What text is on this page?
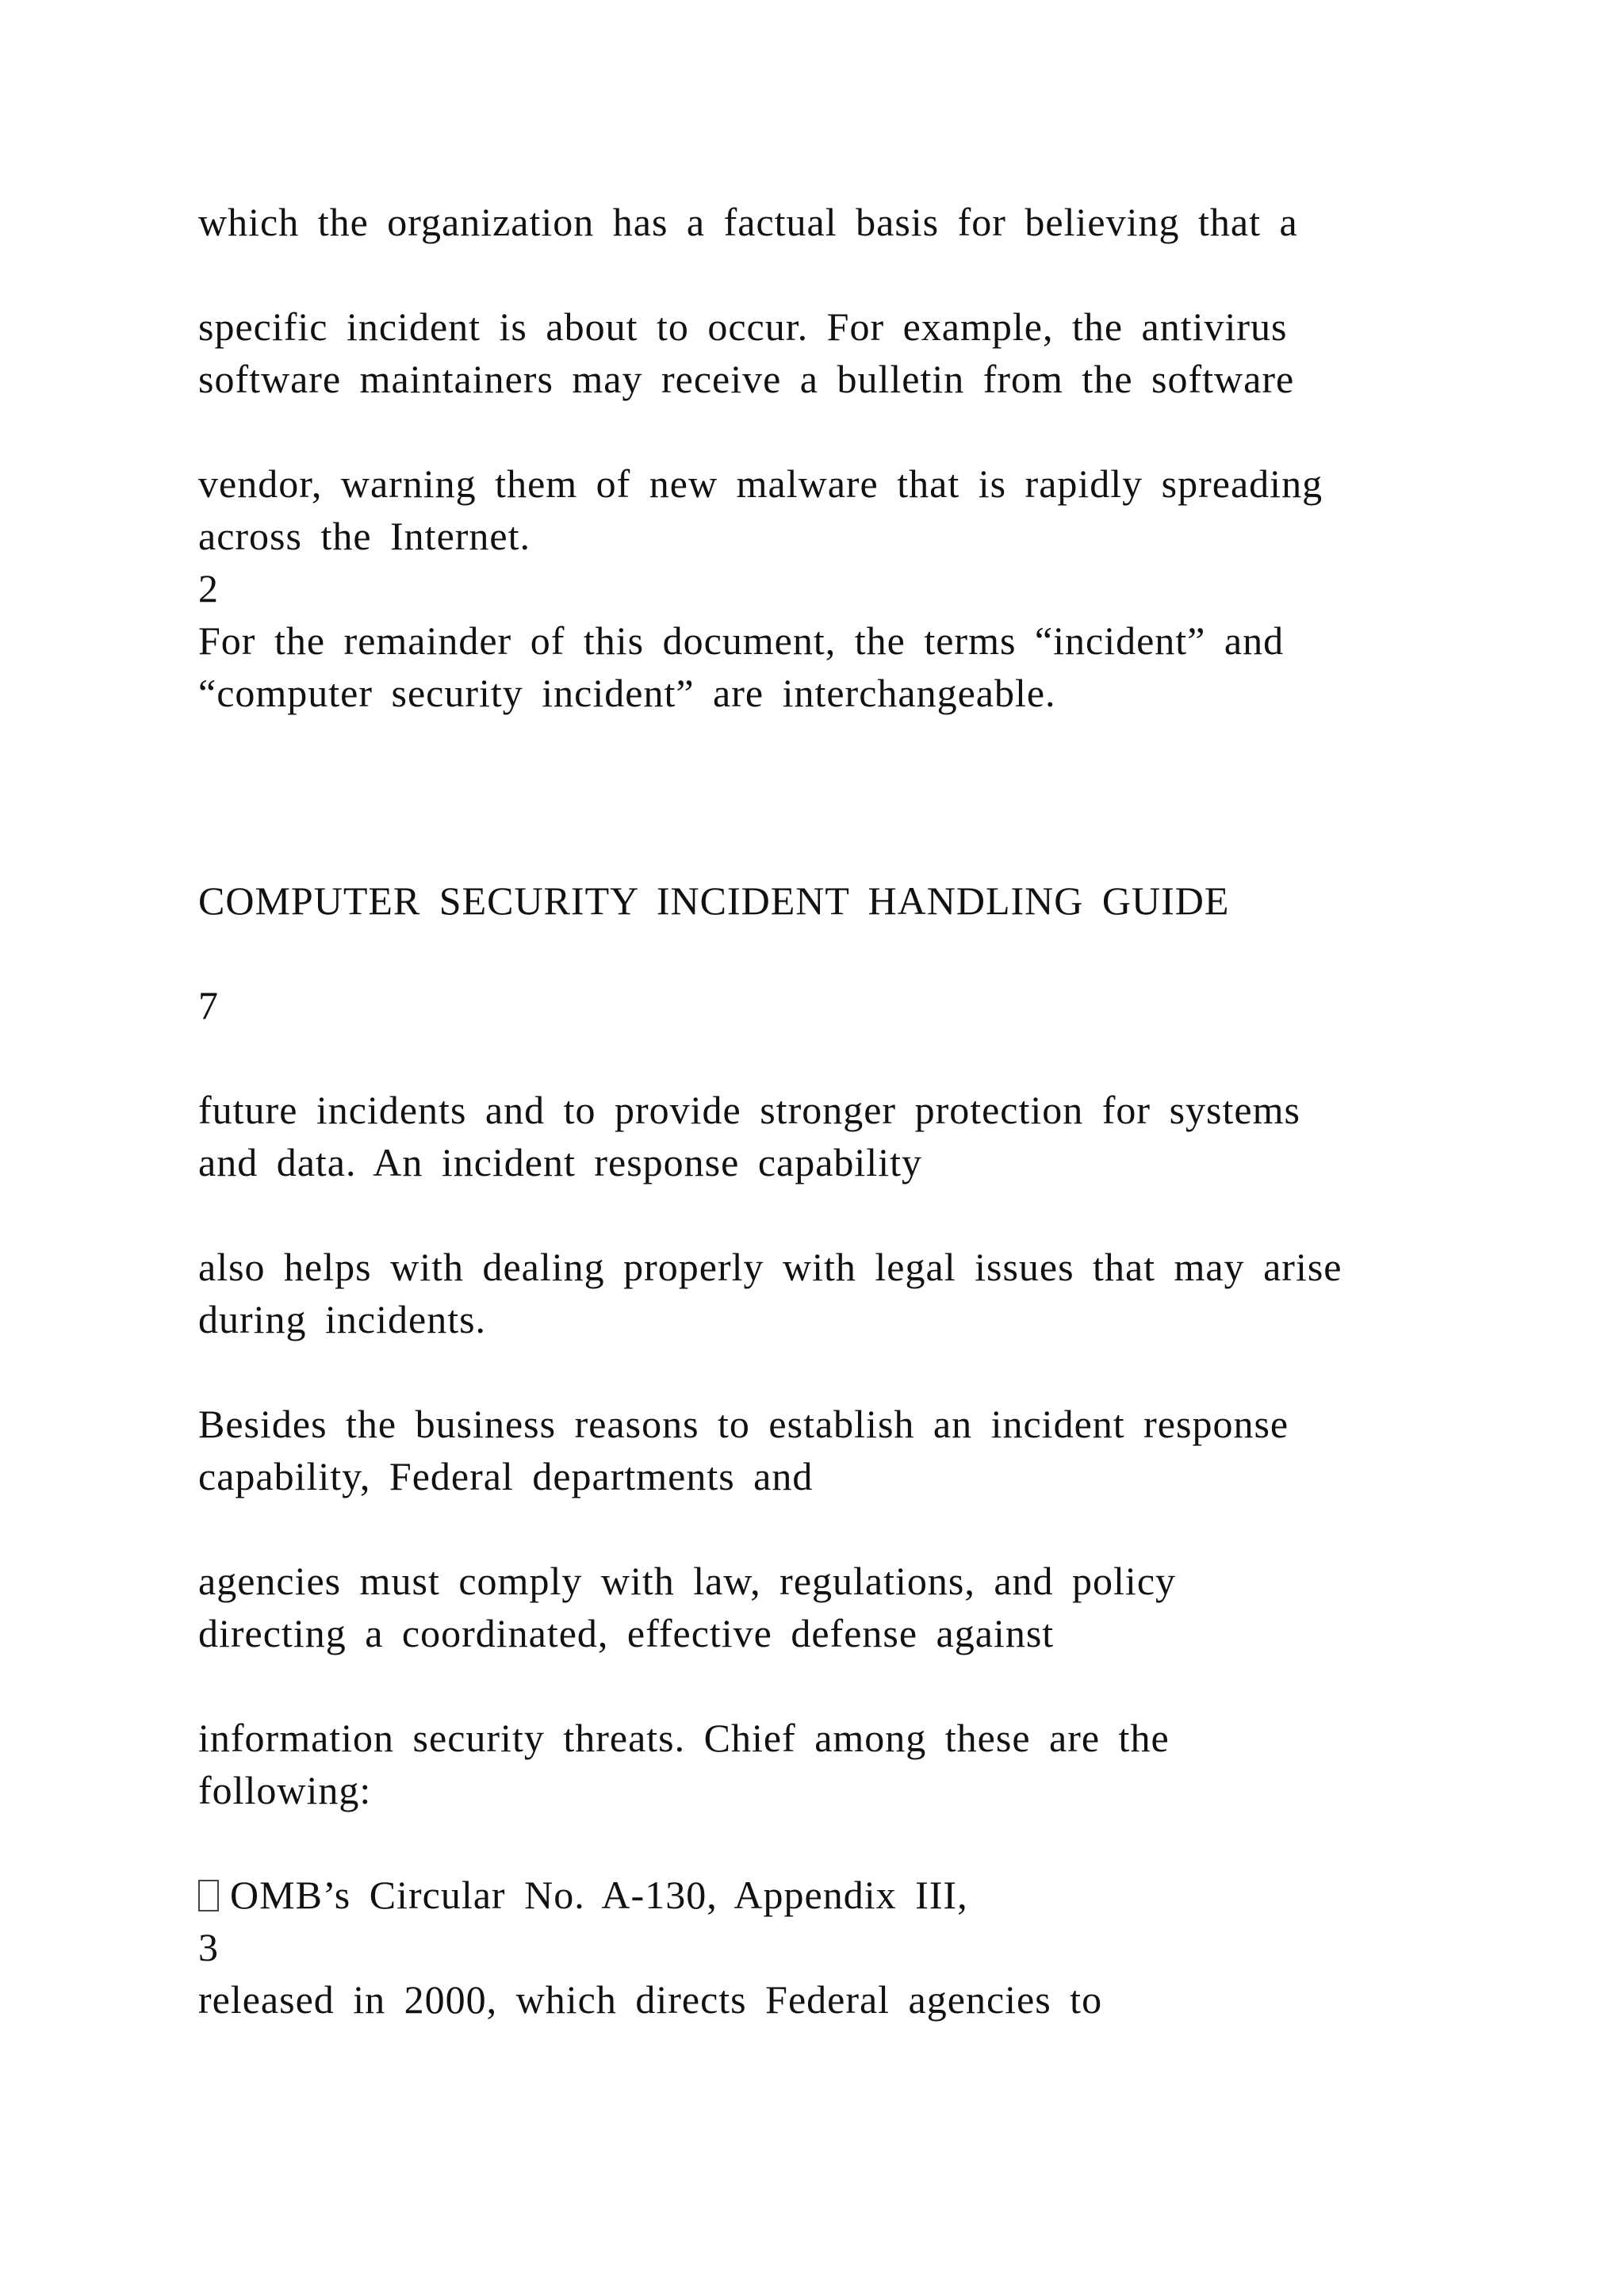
which the organization has a factual basis for believing that a

specific incident is about to occur. For example, the antivirus

software maintainers may receive a bulletin from the software

vendor, warning them of new malware that is rapidly spreading

across the Internet.

2

For the remainder of this document, the terms “incident” and

“computer security incident” are interchangeable.

COMPUTER SECURITY INCIDENT HANDLING GUIDE

7

future incidents and to provide stronger protection for systems

and data. An incident response capability

also helps with dealing properly with legal issues that may arise

during incidents.

Besides the business reasons to establish an incident response

capability, Federal departments and

agencies must comply with law, regulations, and policy

directing a coordinated, effective defense against

information security threats. Chief among these are the

following:

OMB’s Circular No. A-130, Appendix III,

3

released in 2000, which directs Federal agencies to
